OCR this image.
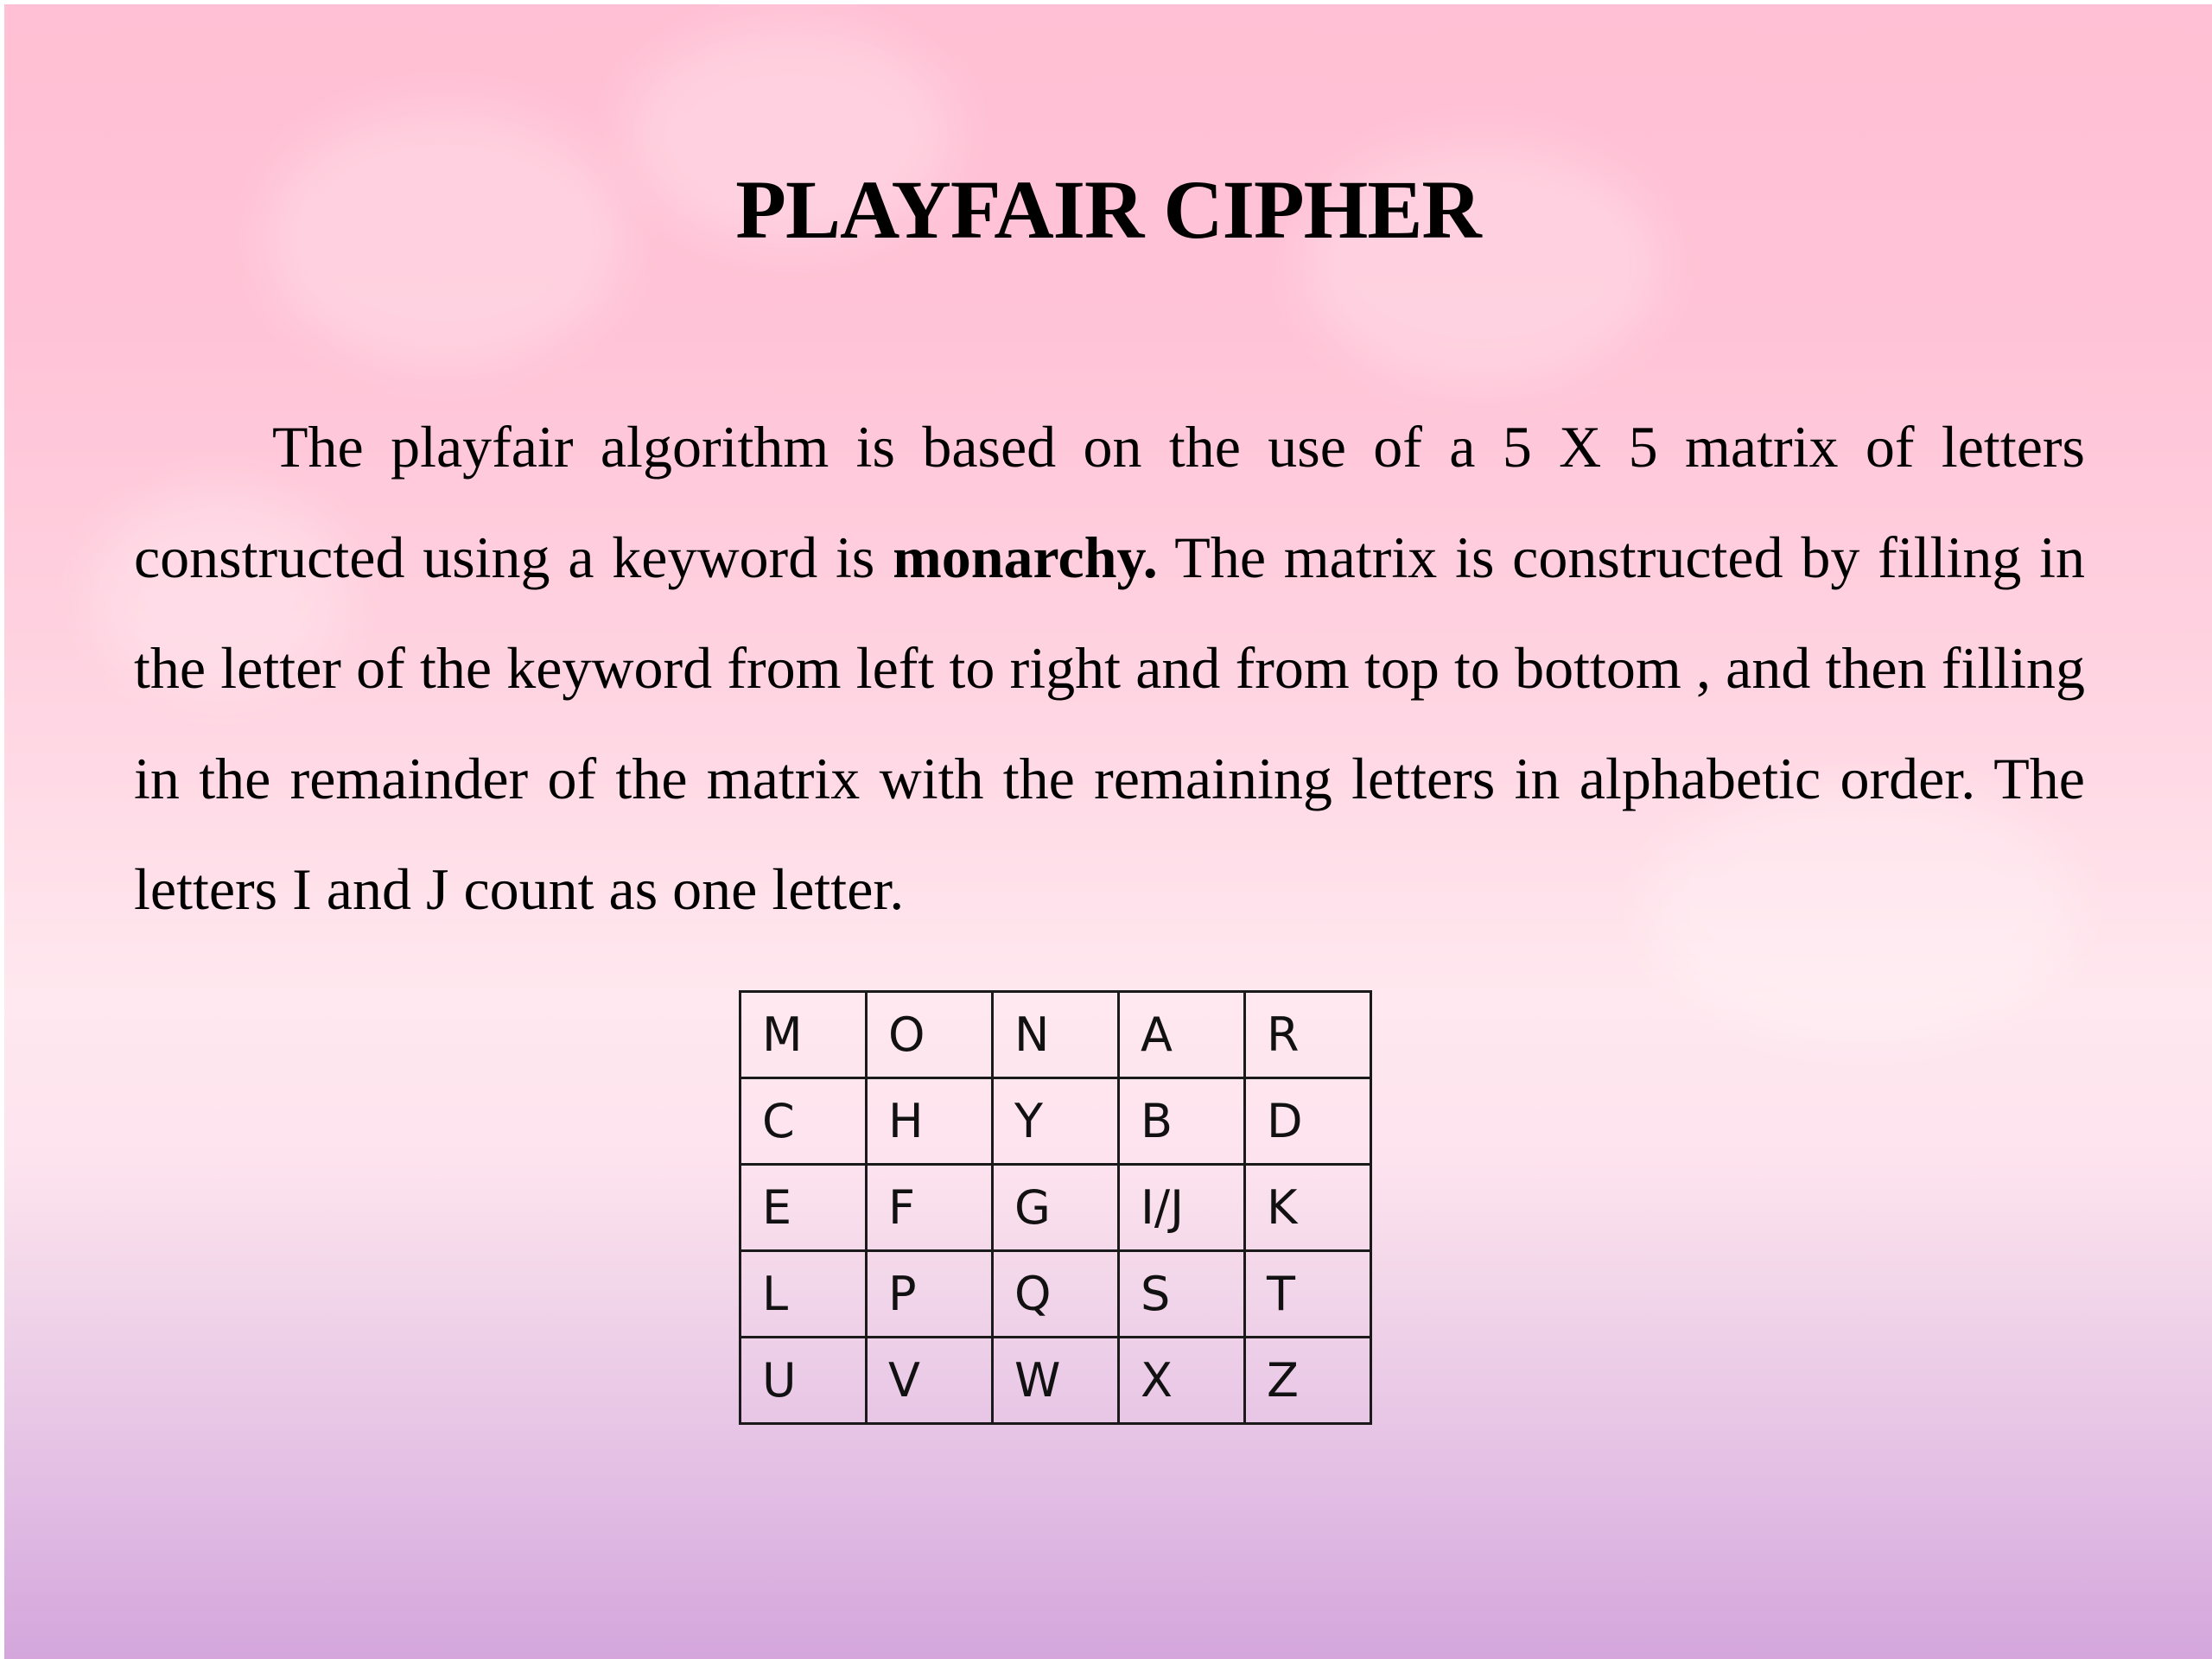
PLAYFAIR CIPHER

The playfair algorithm is based on the use of a 5 X 5 matrix of letters constructed using a keyword is monarchy. The matrix is constructed by filling in the letter of the keyword from left to right and from top to bottom , and then filling in the remainder of the matrix with the remaining letters in alphabetic order. The letters I and J count as one letter.

M	O	N	A	R
C	H	Y	B	D
E	F	G	I/J	K
L	P	Q	S	T
U	V	W	X	Z
